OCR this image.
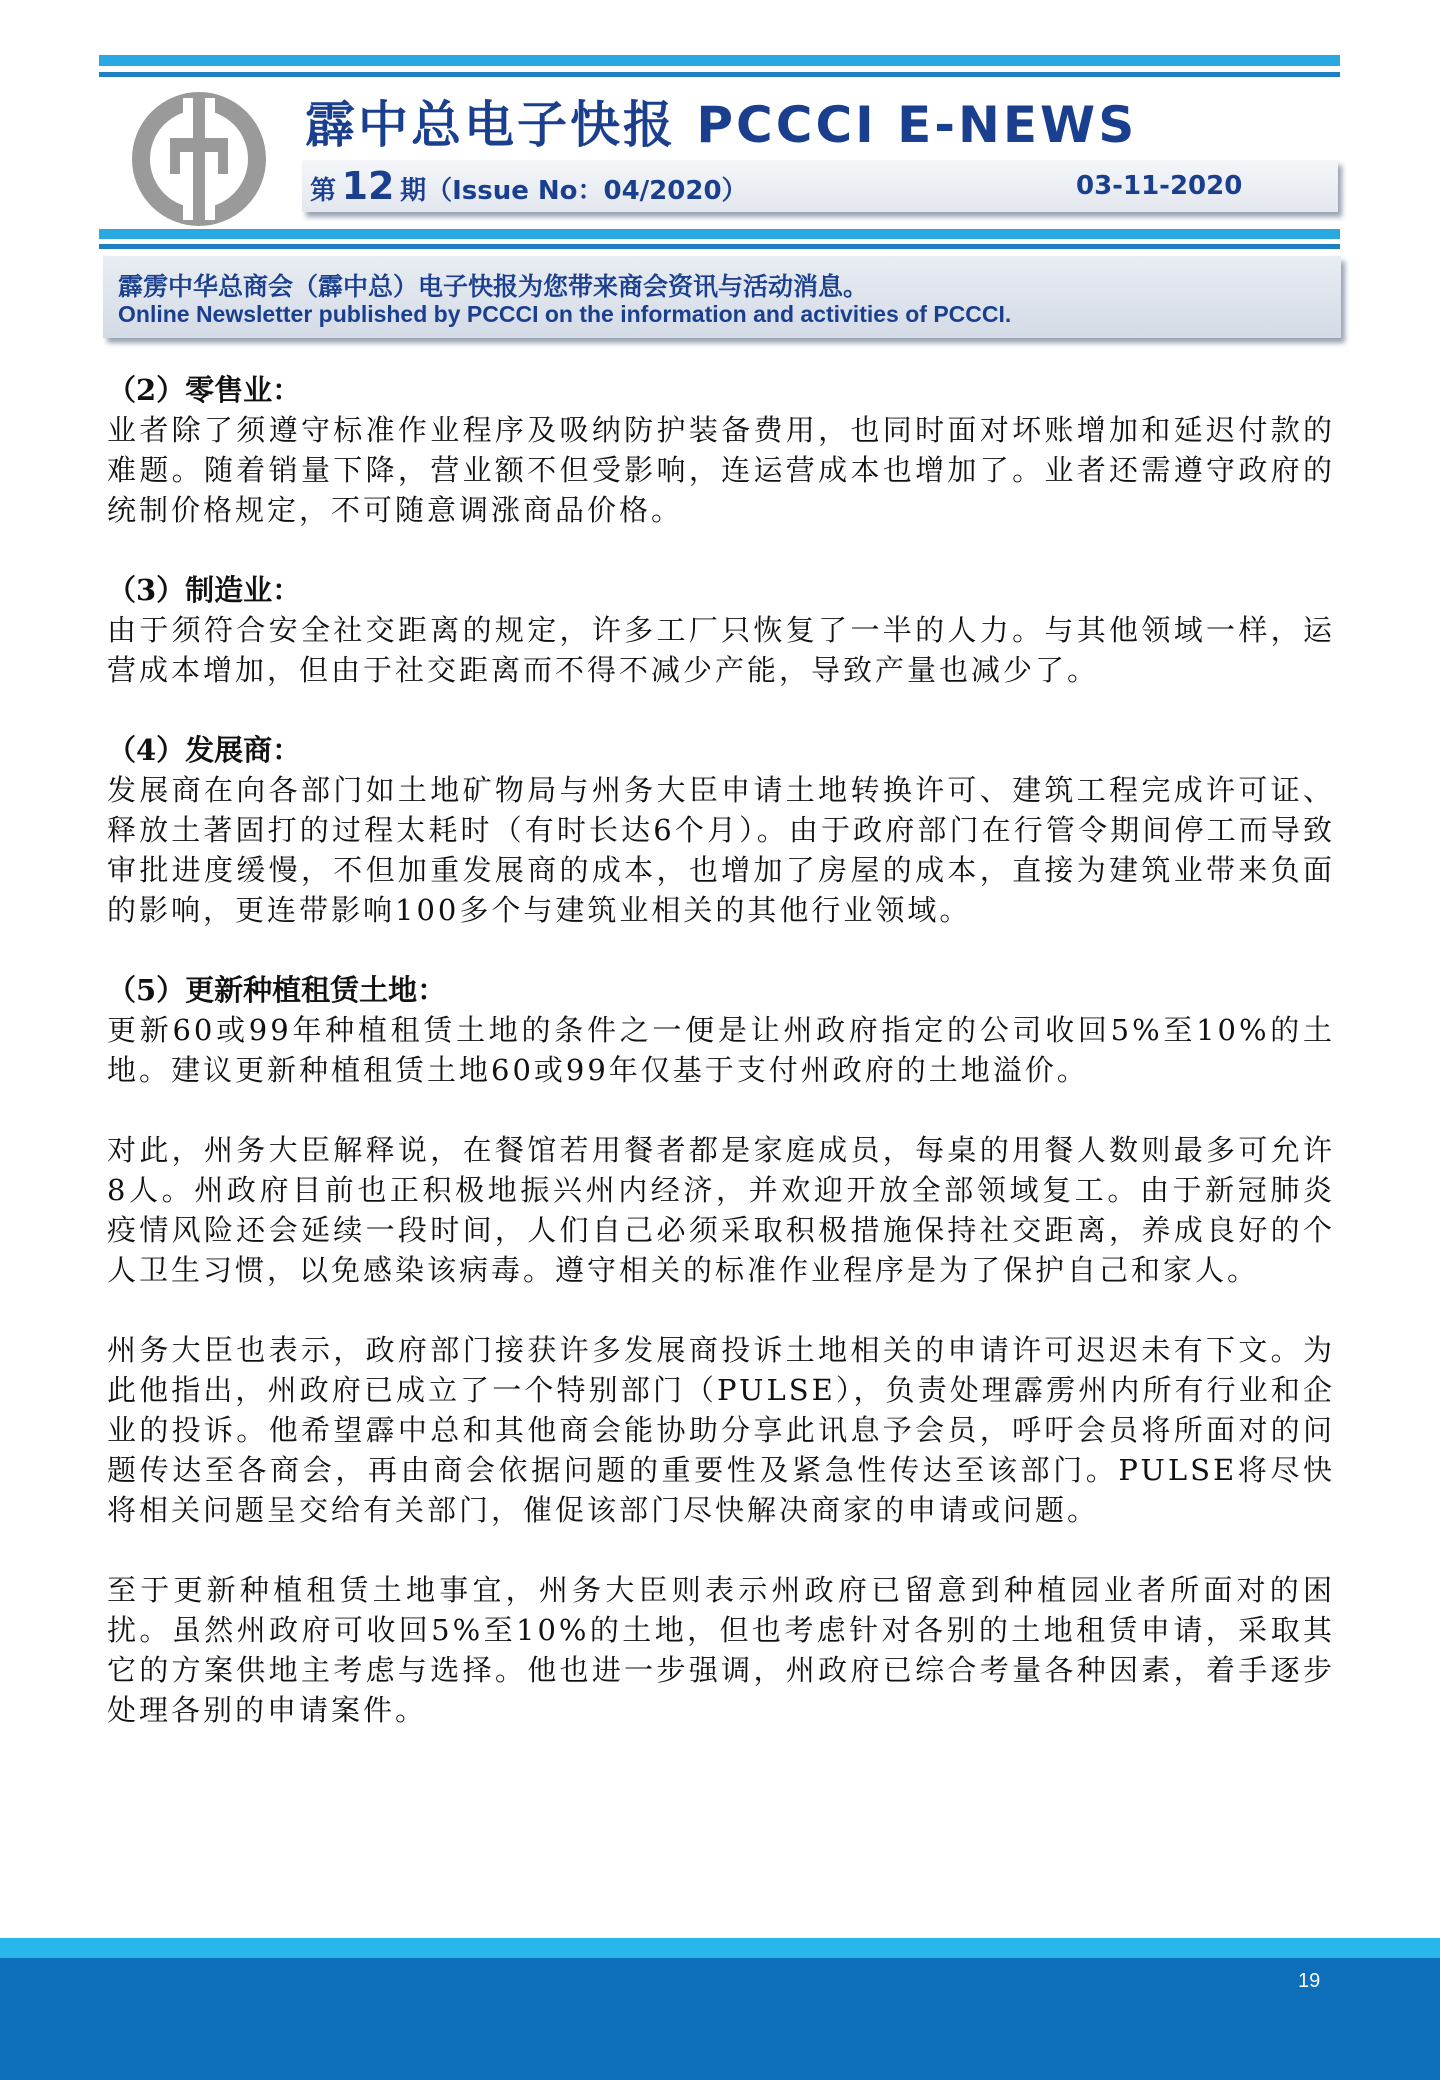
霹中总电子快报 PCCCI E-NEWS
第 12 期（Issue No：04/2020）	03-11-2020
霹雳中华总商会（霹中总）电子快报为您带来商会资讯与活动消息。
Online Newsletter published by PCCCI on the information and activities of PCCCI.
（2）零售业：
业者除了须遵守标准作业程序及吸纳防护装备费用，也同时面对坏账增加和延迟付款的难题。随着销量下降，营业额不但受影响，连运营成本也增加了。业者还需遵守政府的统制价格规定，不可随意调涨商品价格。
（3）制造业：
由于须符合安全社交距离的规定，许多工厂只恢复了一半的人力。与其他领域一样，运营成本增加，但由于社交距离而不得不减少产能，导致产量也减少了。
（4）发展商：
发展商在向各部门如土地矿物局与州务大臣申请土地转换许可、建筑工程完成许可证、释放土著固打的过程太耗时（有时长达6个月）。由于政府部门在行管令期间停工而导致审批进度缓慢，不但加重发展商的成本，也增加了房屋的成本，直接为建筑业带来负面的影响，更连带影响100多个与建筑业相关的其他行业领域。
（5）更新种植租赁土地：
更新60或99年种植租赁土地的条件之一便是让州政府指定的公司收回5%至10%的土地。建议更新种植租赁土地60或99年仅基于支付州政府的土地溢价。
对此，州务大臣解释说，在餐馆若用餐者都是家庭成员，每桌的用餐人数则最多可允许8人。州政府目前也正积极地振兴州内经济，并欢迎开放全部领域复工。由于新冠肺炎疫情风险还会延续一段时间，人们自己必须采取积极措施保持社交距离，养成良好的个人卫生习惯，以免感染该病毒。遵守相关的标准作业程序是为了保护自己和家人。
州务大臣也表示，政府部门接获许多发展商投诉土地相关的申请许可迟迟未有下文。为此他指出，州政府已成立了一个特别部门（PULSE），负责处理霹雳州内所有行业和企业的投诉。他希望霹中总和其他商会能协助分享此讯息予会员，呼吁会员将所面对的问题传达至各商会，再由商会依据问题的重要性及紧急性传达至该部门。PULSE将尽快将相关问题呈交给有关部门，催促该部门尽快解决商家的申请或问题。
至于更新种植租赁土地事宜，州务大臣则表示州政府已留意到种植园业者所面对的困扰。虽然州政府可收回5%至10%的土地，但也考虑针对各别的土地租赁申请，采取其它的方案供地主考虑与选择。他也进一步强调，州政府已综合考量各种因素，着手逐步处理各别的申请案件。
19
